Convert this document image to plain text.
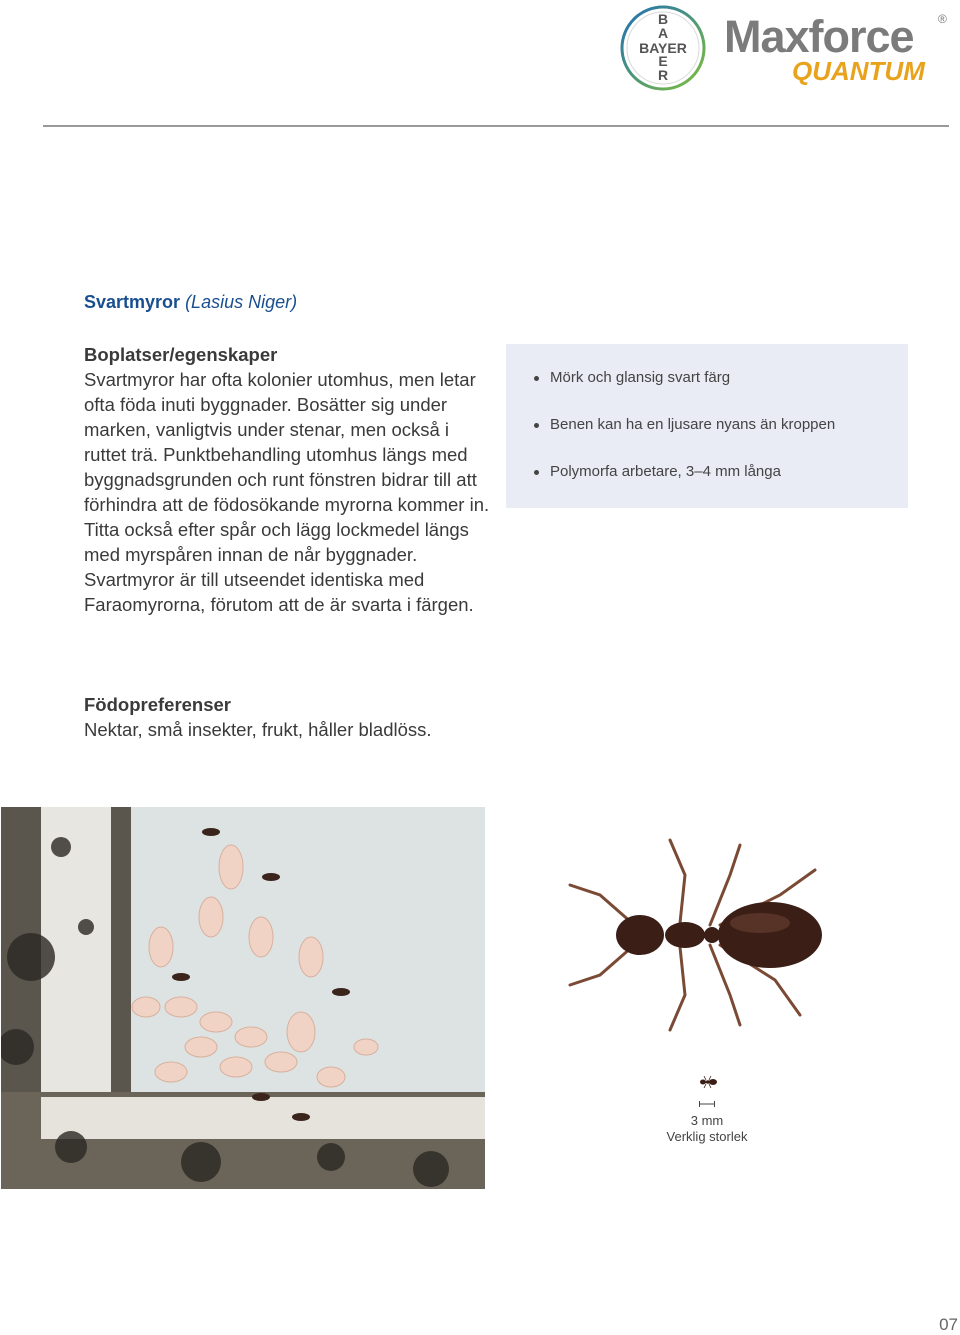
B
A
E
R
BAYER Maxforce ®
QUANTUM
Svartmyror (Lasius Niger)
Boplatser/egenskaper

Svartmyror har ofta kolonier utomhus, men letar ofta föda inuti byggnader. Bosätter sig under marken, vanligtvis under stenar, men också i ruttet trä. Punktbehandling utomhus längs med byggnadsgrunden och runt fönstren bidrar till att förhindra att de födosökande myrorna kommer in. Titta också efter spår och lägg lockmedel längs med myrspåren innan de når byggnader. Svartmyror är till utseendet identiska med Faraomyrorna, förutom att de är svarta i färgen.

Födopreferenser

Nektar, små insekter, frukt, håller bladlöss.

Mörk och glansig svart färg
Benen kan ha en ljusare nyans än kroppen
Polymorfa arbetare, 3–4 mm långa
3 mm
Verklig storlek
07
